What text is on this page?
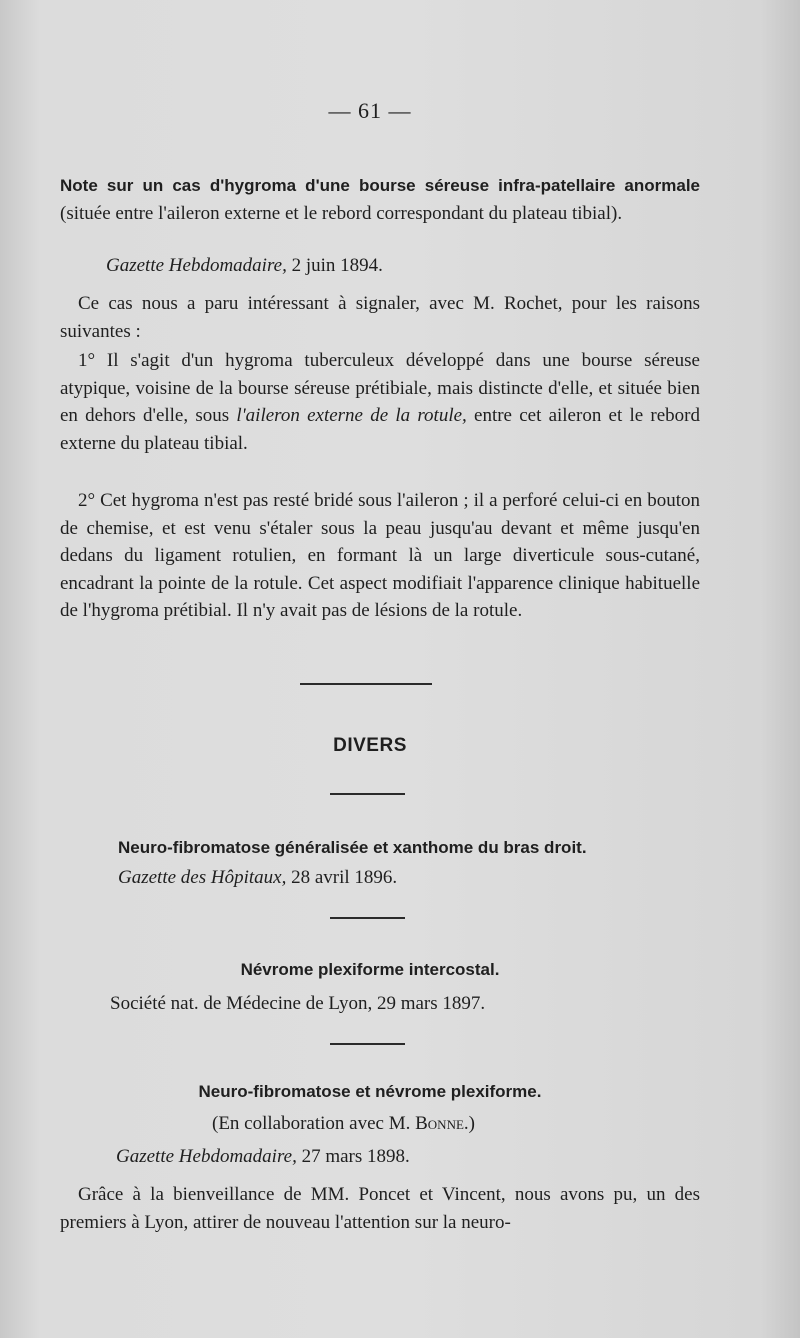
— 61 —

Note sur un cas d'hygroma d'une bourse séreuse infra-patellaire anormale (située entre l'aileron externe et le rebord correspondant du plateau tibial).

Gazette Hebdomadaire, 2 juin 1894.

Ce cas nous a paru intéressant à signaler, avec M. Rochet, pour les raisons suivantes :

1° Il s'agit d'un hygroma tuberculeux développé dans une bourse séreuse atypique, voisine de la bourse séreuse prétibiale, mais distincte d'elle, et située bien en dehors d'elle, sous l'aileron externe de la rotule, entre cet aileron et le rebord externe du plateau tibial.

2° Cet hygroma n'est pas resté bridé sous l'aileron ; il a perforé celui-ci en bouton de chemise, et est venu s'étaler sous la peau jusqu'au devant et même jusqu'en dedans du ligament rotulien, en formant là un large diverticule sous-cutané, encadrant la pointe de la rotule. Cet aspect modifiait l'apparence clinique habituelle de l'hygroma prétibial. Il n'y avait pas de lésions de la rotule.

DIVERS
Neuro-fibromatose généralisée et xanthome du bras droit.
Gazette des Hôpitaux, 28 avril 1896.
Névrome plexiforme intercostal.
Société nat. de Médecine de Lyon, 29 mars 1897.
Neuro-fibromatose et névrome plexiforme.
(En collaboration avec M. Bonne.)
Gazette Hebdomadaire, 27 mars 1898.

Grâce à la bienveillance de MM. Poncet et Vincent, nous avons pu, un des premiers à Lyon, attirer de nouveau l'attention sur la neuro-
